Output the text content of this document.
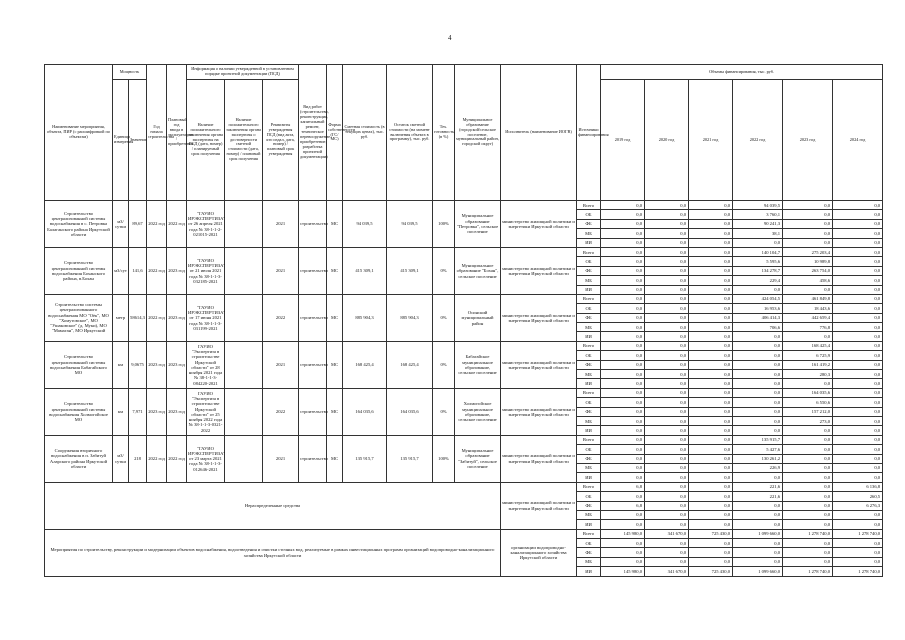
4
Наименование мероприятия, объекта, ПИР (с расшифровкой по объектам)	Мощность		Год начала строительства	Плановый год ввода в эксплуатацию / приобретения	Информация о наличии утвержденной в установленном порядке проектной документации (ПСД)			Вид работ (строительство, реконструкция, капитальный ремонт, техническое перевооружение, приобретение, разработка проектной документации)	Форма собственности (ГС/МС)	Сметная стоимость (в текущих ценах), тыс. руб.	Остаток сметной стоимости (на момент включения объекта в программу), тыс. руб.	Тех. готовность, (в %)	Муниципальное образование (городской/сельское поселение, муниципальный район, городской округ)	Исполнитель (наименование ИОГВ)	Источники финансирования	Объемы финансирования, тыс. руб.					
	Единица измерения	Значение			Наличие положительного заключения органа экспертизы на ПСД (дата, номер) / планируемый срок получения	Наличие положительного заключения органа экспертизы о достоверности сметной стоимости (дата, номер) / плановый срок получения	Реквизиты утверждения ПСД (вид акта, кто издал, дата, номер) / плановый срок утверждения									2019 год	2020 год	2021 год	2022 год	2023 год	2024 год
Строительство централизованной системы водоснабжения в с. Петровка Балаганского района Иркутской области	м3/сутки	89,67	2022 год	2022 год	"ГАУИО ИРЭКСПЕРТИЗА" от 26 апреля 2021 года № 38-1-1-2-021015-2021		2021	строительство	МС	94 039,5	94 039,5	100%	Муниципальное образование "Петровка", сельское поселение	министерство жилищной политики и энергетики Иркутской области	Всего	0,0	0,0	0,0	94 039,5	0,0	0,0
															ОБ	0,0	0,0	0,0	3 760,1	0,0	0,0
															ФБ	0,0	0,0	0,0	90 241,3	0,0	0,0
															МБ	0,0	0,0	0,0	38,1	0,0	0,0
															ИИ	0,0	0,0	0,0	0,0	0,0	0,0
Строительство централизованной системы водоснабжения Боханского района, в.Бохан	м3/сут	141,6	2022 год	2023 год	"ГАУИО ИРЭКСПЕРТИЗА" от 21 июля 2021 года № 38-1-1-3-032185-2021		2021	строительство	МС	415 309,1	415 309,1	0%	Муниципальное образование "Бохан", сельское поселение	министерство жилищной политики и энергетики Иркутской области	Всего	0,0	0,0	0,0	140 104,7	275 203,4	0,0
															ОБ	0,0	0,0	0,0	5 595,6	10 989,8	0,0
															ФБ	0,0	0,0	0,0	134 278,7	263 754,0	0,0
															МБ	0,0	0,0	0,0	229,4	458,6	0,0
															ИИ	0,0	0,0	0,0	0,0	0,0	0,0
Строительство системы централизованного водоснабжения МО "Оёк", МО "Хомутовское", МО "Ушаковское" (д. Муки), МО "Мамаган", МО Иркутский	метр	58614,3	2022 год	2023 год	"ГАУИО ИРЭКСПЕРТИЗА" от 17 июня 2021 года № 38-1-1-3-031199-2021		2022	строительство	МС	885 904,3	885 904,3	0%	Осинский муниципальный район	министерство жилищной политики и энергетики Иркутской области	Всего	0,0	0,0	0,0	424 054,5	461 849,8	0,0
															ОБ	0,0	0,0	0,0	16 953,6	18 443,6	0,0
															ФБ	0,0	0,0	0,0	406 414,3	442 659,4	0,0
															МБ	0,0	0,0	0,0	706,6	776,8	0,0
															ИИ	0,0	0,0	0,0	0,0	0,0	0,0
Строительство централизованной системы водоснабжения Бабагайского МО	км	9,0675	2023 год	2023 год	ГАУИО "Экспертиза в строительстве Иркутской области" от 28 ноября 2021 года № 38-1-1-3-084220-2021		2021	строительство	МС	168 425,4	168 425,4	0%	Бабагайское муниципальное образование, сельское поселение	министерство жилищной политики и энергетики Иркутской области	Всего	0,0	0,0	0,0	0,0	168 425,4	0,0
															ОБ	0,0	0,0	0,0	0,0	6 725,9	0,0
															ФБ	0,0	0,0	0,0	0,0	161 419,2	0,0
															МБ	0,0	0,0	0,0	0,0	280,3	0,0
															ИИ	0,0	0,0	0,0	0,0	0,0	0,0
Строительство централизованной системы водоснабжения Холмогойское МО	км	7,971	2023 год	2023 год	ГАУИО "Экспертиза в строительстве Иркутской области" от 25 ноября 2022 года № 38-1-1-3-0321-2022		2022	строительство	МС	164 035,6	164 035,6	0%	Холмогойское муниципальное образование, сельское поселение	министерство жилищной политики и энергетики Иркутской области	Всего	0,0	0,0	0,0	0,0	164 035,6	0,0
															ОБ	0,0	0,0	0,0	0,0	6 550,6	0,0
															ФБ	0,0	0,0	0,0	0,0	157 212,0	0,0
															МБ	0,0	0,0	0,0	0,0	273,0	0,0
															ИИ	0,0	0,0	0,0	0,0	0,0	0,0
Сооружения вторичного водоснабжения в п. Забитуй Аларского района Иркутской области	м3/сутки	218	2022 год	2022 год	"ГАУИО ИРЭКСПЕРТИЗА" от 23 марта 2021 года № 38-1-1-3-012646-2021		2021	строительство	МС	135 915,7	135 915,7	100%	Муниципальное образование "Забитуй", сельское поселение	министерство жилищной политики и энергетики Иркутской области	Всего	0,0	0,0	0,0	135 915,7	0,0	0,0
															ОБ	0,0	0,0	0,0	5 427,6	0,0	0,0
															ФБ	0,0	0,0	0,0	130 261,2	0,0	0,0
															МБ	0,0	0,0	0,0	226,9	0,0	0,0
															ИИ	0,0	0,0	0,0	0,0	0,0	0,0
Нераспределенные средства														министерство жилищной политики и энергетики Иркутской области	Всего	6,8	0,0	0,0	221,6	0,0	6 136,8
															ОБ	0,0	0,0	0,0	221,6	0,0	260,5
															ФБ	6,8	0,0	0,0	0,0	0,0	6 276,3
															МБ	0,0	0,0	0,0	0,0	0,0	0,0
															ИИ	0,0	0,0	0,0	0,0	0,0	0,0
Мероприятия по строительству, реконструкции и модернизации объектов водоснабжения, водоотведения и очистки сточных вод, реализуемые в рамках инвестиционных программ организаций водопроводно-канализационного хозяйства Иркутской области														организации водопроводно-канализационного хозяйства Иркутской области	Всего	145 980,0	341 670,0	725 430,0	1 099 660,0	1 278 740,0	1 278 740,0
															ОБ	0,0	0,0	0,0	0,0	0,0	0,0
															ФБ	0,0	0,0	0,0	0,0	0,0	0,0
															МБ	0,0	0,0	0,0	0,0	0,0	0,0
															ИИ	145 980,0	341 670,0	725 430,0	1 099 660,0	1 278 740,0	1 278 740,0
